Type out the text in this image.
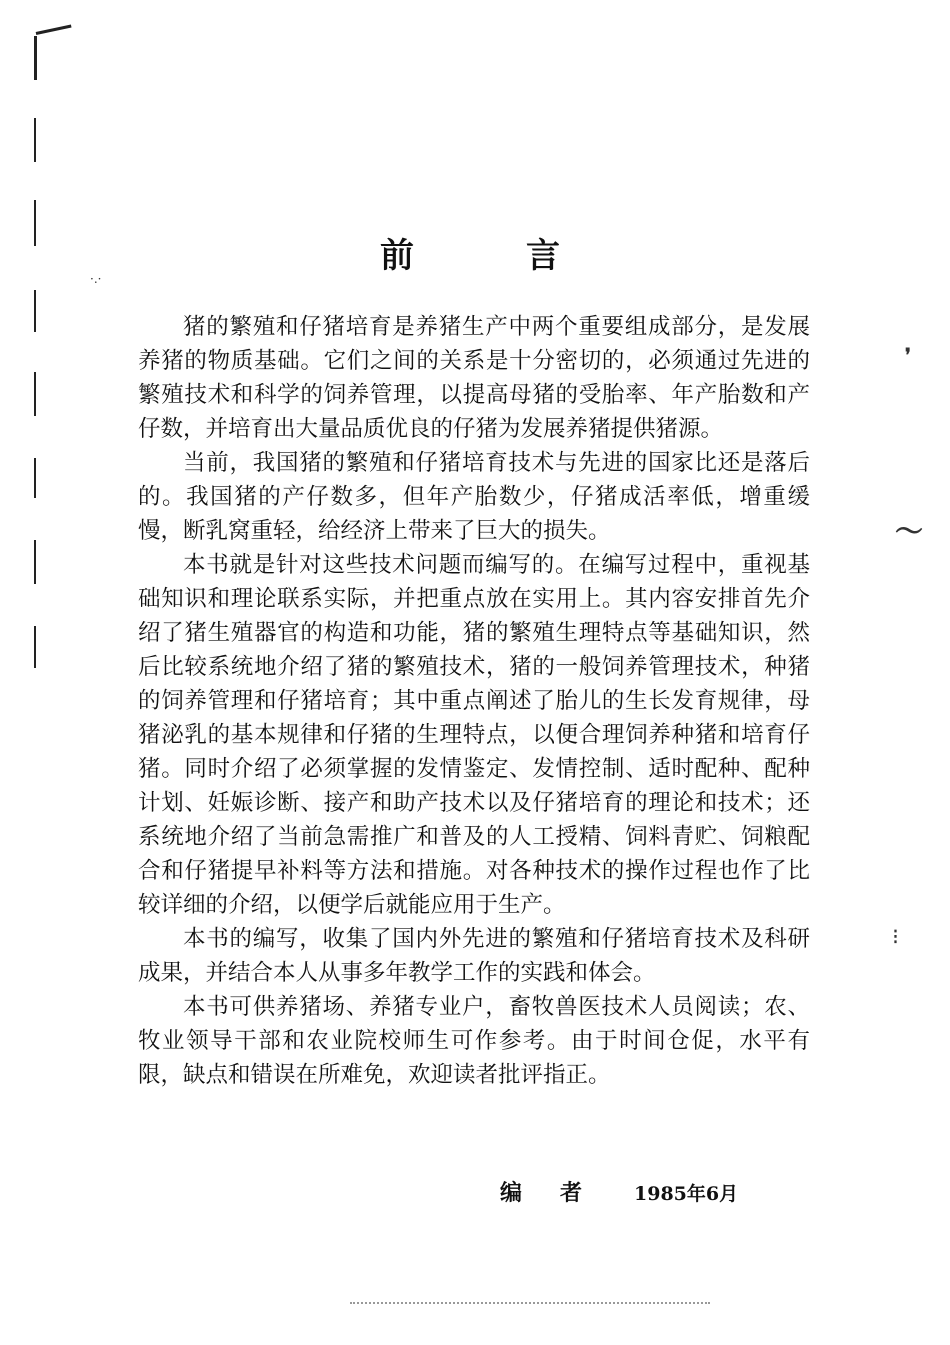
❜
〜
⁝
·.·
前	言

猪的繁殖和仔猪培育是养猪生产中两个重要组成部分，是发展养猪的物质基础。它们之间的关系是十分密切的，必须通过先进的繁殖技术和科学的饲养管理，以提高母猪的受胎率、年产胎数和产仔数，并培育出大量品质优良的仔猪为发展养猪提供猪源。

当前，我国猪的繁殖和仔猪培育技术与先进的国家比还是落后的。我国猪的产仔数多，但年产胎数少，仔猪成活率低，增重缓慢，断乳窝重轻，给经济上带来了巨大的损失。

本书就是针对这些技术问题而编写的。在编写过程中，重视基础知识和理论联系实际，并把重点放在实用上。其内容安排首先介绍了猪生殖器官的构造和功能，猪的繁殖生理特点等基础知识，然后比较系统地介绍了猪的繁殖技术，猪的一般饲养管理技术，种猪的饲养管理和仔猪培育；其中重点阐述了胎儿的生长发育规律，母猪泌乳的基本规律和仔猪的生理特点，以便合理饲养种猪和培育仔猪。同时介绍了必须掌握的发情鉴定、发情控制、适时配种、配种计划、妊娠诊断、接产和助产技术以及仔猪培育的理论和技术；还系统地介绍了当前急需推广和普及的人工授精、饲料青贮、饲粮配合和仔猪提早补料等方法和措施。对各种技术的操作过程也作了比较详细的介绍，以便学后就能应用于生产。

本书的编写，收集了国内外先进的繁殖和仔猪培育技术及科研成果，并结合本人从事多年教学工作的实践和体会。

本书可供养猪场、养猪专业户，畜牧兽医技术人员阅读；农、牧业领导干部和农业院校师生可作参考。由于时间仓促，水平有限，缺点和错误在所难免，欢迎读者批评指正。

编者 1985年6月
